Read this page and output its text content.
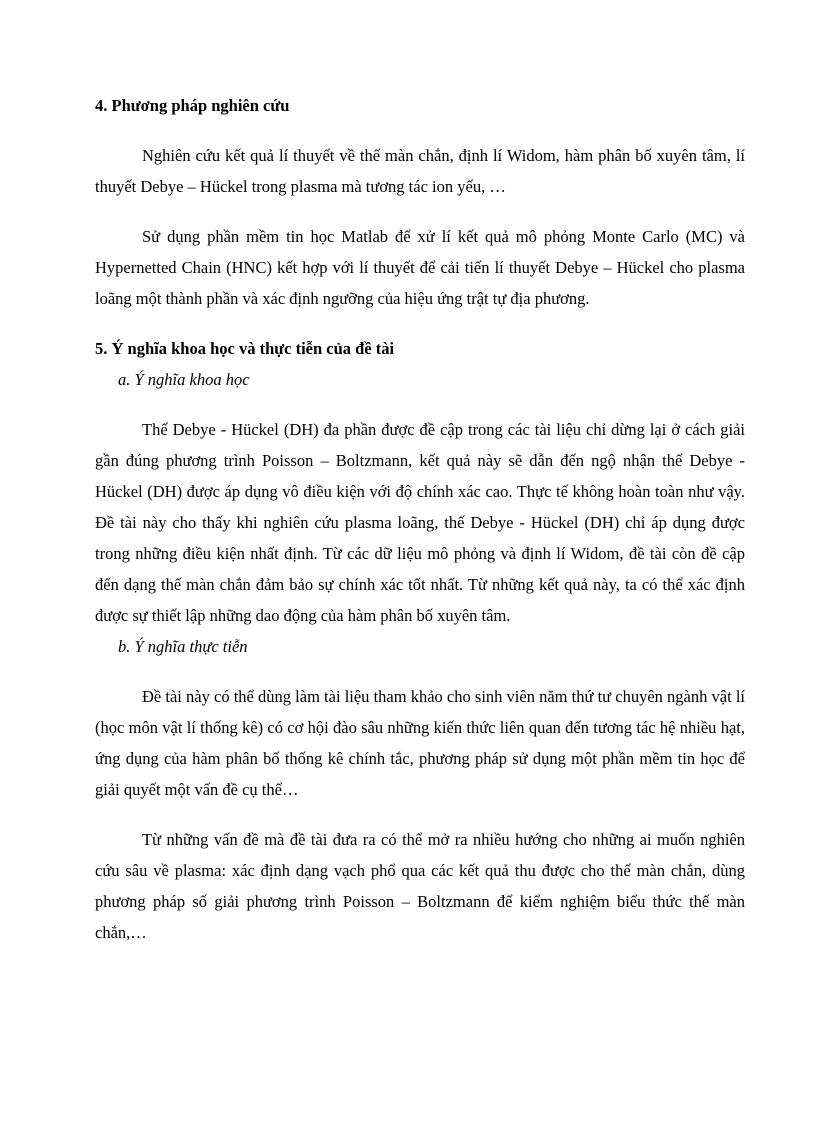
4. Phương pháp nghiên cứu

Nghiên cứu kết quả lí thuyết về thế màn chắn, định lí Widom, hàm phân bố xuyên tâm, lí thuyết Debye – Hückel trong plasma mà tương tác ion yếu, …

Sử dụng phần mềm tin học Matlab để xử lí kết quả mô phỏng Monte Carlo (MC) và Hypernetted Chain (HNC) kết hợp với lí thuyết để cải tiến lí thuyết Debye – Hückel cho plasma loãng một thành phần và xác định ngưỡng của hiệu ứng trật tự địa phương.

5. Ý nghĩa khoa học và thực tiễn của đề tài
a. Ý nghĩa khoa học

Thế Debye - Hückel (DH) đa phần được đề cập trong các tài liệu chỉ dừng lại ở cách giải gần đúng phương trình Poisson – Boltzmann, kết quả này sẽ dẫn đến ngộ nhận thế Debye - Hückel (DH) được áp dụng vô điều kiện với độ chính xác cao. Thực tế không hoàn toàn như vậy. Đề tài này cho thấy khi nghiên cứu plasma loãng, thế Debye - Hückel (DH) chỉ áp dụng được trong những điều kiện nhất định. Từ các dữ liệu mô phỏng và định lí Widom, đề tài còn đề cập đến dạng thế màn chắn đảm bảo sự chính xác tốt nhất. Từ những kết quả này, ta có thể xác định được sự thiết lập những dao động của hàm phân bố xuyên tâm.

b. Ý nghĩa thực tiễn

Đề tài này có thể dùng làm tài liệu tham khảo cho sinh viên năm thứ tư chuyên ngành vật lí (học môn vật lí thống kê) có cơ hội đào sâu những kiến thức liên quan đến tương tác hệ nhiều hạt, ứng dụng của hàm phân bố thống kê chính tắc, phương pháp sử dụng một phần mềm tin học để giải quyết một vấn đề cụ thể…

Từ những vấn đề mà đề tài đưa ra có thể mở ra nhiều hướng cho những ai muốn nghiên cứu sâu về plasma: xác định dạng vạch phổ qua các kết quả thu được cho thế màn chắn, dùng phương pháp số giải phương trình Poisson – Boltzmann để kiểm nghiệm biểu thức thế màn chắn,…
